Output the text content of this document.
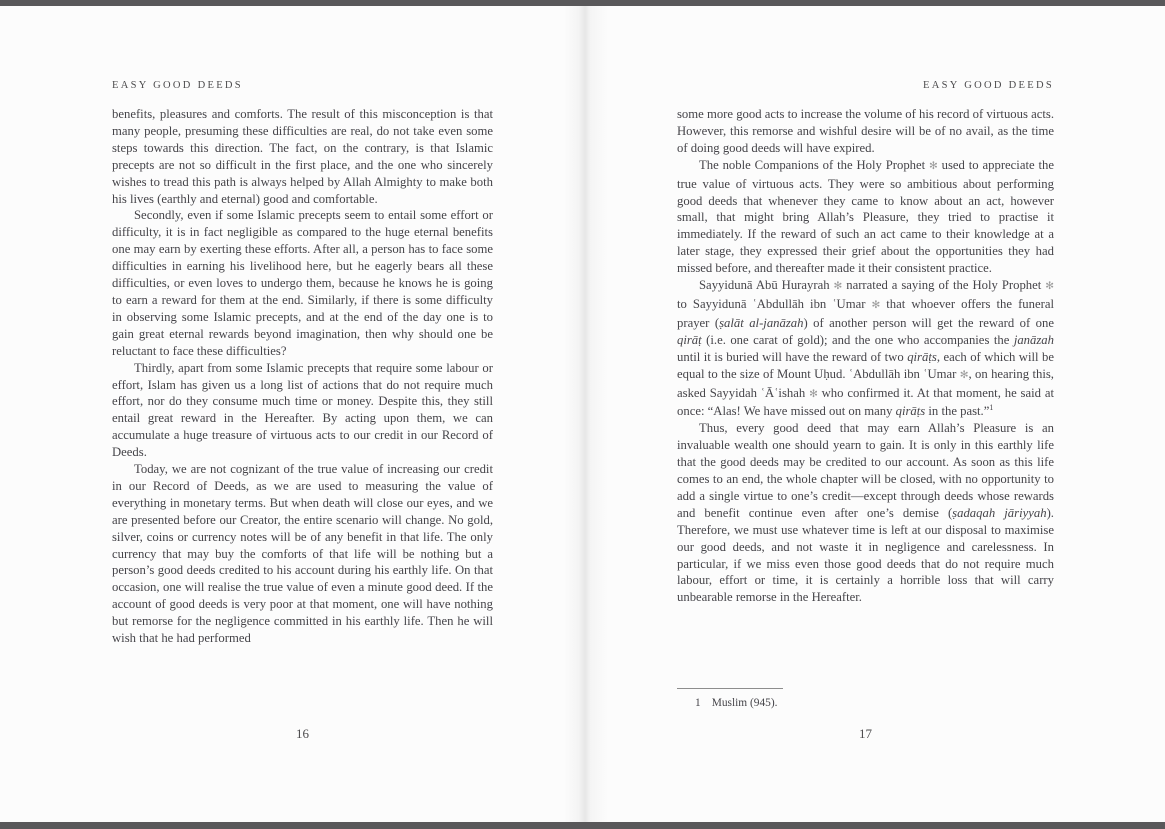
EASY GOOD DEEDS

benefits, pleasures and comforts. The result of this misconception is that many people, presuming these difficulties are real, do not take even some steps towards this direction. The fact, on the contrary, is that Islamic precepts are not so difficult in the first place, and the one who sincerely wishes to tread this path is always helped by Allah Almighty to make both his lives (earthly and eternal) good and comfortable.

Secondly, even if some Islamic precepts seem to entail some effort or difficulty, it is in fact negligible as compared to the huge eternal benefits one may earn by exerting these efforts. After all, a person has to face some difficulties in earning his livelihood here, but he eagerly bears all these difficulties, or even loves to undergo them, because he knows he is going to earn a reward for them at the end. Similarly, if there is some difficulty in observing some Islamic precepts, and at the end of the day one is to gain great eternal rewards beyond imagination, then why should one be reluctant to face these difficulties?

Thirdly, apart from some Islamic precepts that require some labour or effort, Islam has given us a long list of actions that do not require much effort, nor do they consume much time or money. Despite this, they still entail great reward in the Hereafter. By acting upon them, we can accumulate a huge treasure of virtuous acts to our credit in our Record of Deeds.

Today, we are not cognizant of the true value of increasing our credit in our Record of Deeds, as we are used to measuring the value of everything in monetary terms. But when death will close our eyes, and we are presented before our Creator, the entire scenario will change. No gold, silver, coins or currency notes will be of any benefit in that life. The only currency that may buy the comforts of that life will be nothing but a person’s good deeds credited to his account during his earthly life. On that occasion, one will realise the true value of even a minute good deed. If the account of good deeds is very poor at that moment, one will have nothing but remorse for the negligence committed in his earthly life. Then he will wish that he had performed

16
EASY GOOD DEEDS

some more good acts to increase the volume of his record of virtuous acts. However, this remorse and wishful desire will be of no avail, as the time of doing good deeds will have expired.

The noble Companions of the Holy Prophet ✻ used to appreciate the true value of virtuous acts. They were so ambitious about performing good deeds that whenever they came to know about an act, however small, that might bring Allah’s Pleasure, they tried to practise it immediately. If the reward of such an act came to their knowledge at a later stage, they expressed their grief about the opportunities they had missed before, and thereafter made it their consistent practice.

Sayyidunā Abū Hurayrah ✻ narrated a saying of the Holy Prophet ✻ to Sayyidunā ʿAbdullāh ibn ʿUmar ✻ that whoever offers the funeral prayer (ṣalāt al-janāzah) of another person will get the reward of one qirāṭ (i.e. one carat of gold); and the one who accompanies the janāzah until it is buried will have the reward of two qirāṭs, each of which will be equal to the size of Mount Uḥud. ʿAbdullāh ibn ʿUmar ✻, on hearing this, asked Sayyidah ʿĀʿishah ✻ who confirmed it. At that moment, he said at once: “Alas! We have missed out on many qirāṭs in the past.”$^1$

Thus, every good deed that may earn Allah’s Pleasure is an invaluable wealth one should yearn to gain. It is only in this earthly life that the good deeds may be credited to our account. As soon as this life comes to an end, the whole chapter will be closed, with no opportunity to add a single virtue to one’s credit—except through deeds whose rewards and benefit continue even after one’s demise (ṣadaqah jāriyyah). Therefore, we must use whatever time is left at our disposal to maximise our good deeds, and not waste it in negligence and carelessness. In particular, if we miss even those good deeds that do not require much labour, effort or time, it is certainly a horrible loss that will carry unbearable remorse in the Hereafter.

1 Muslim (945).
17
